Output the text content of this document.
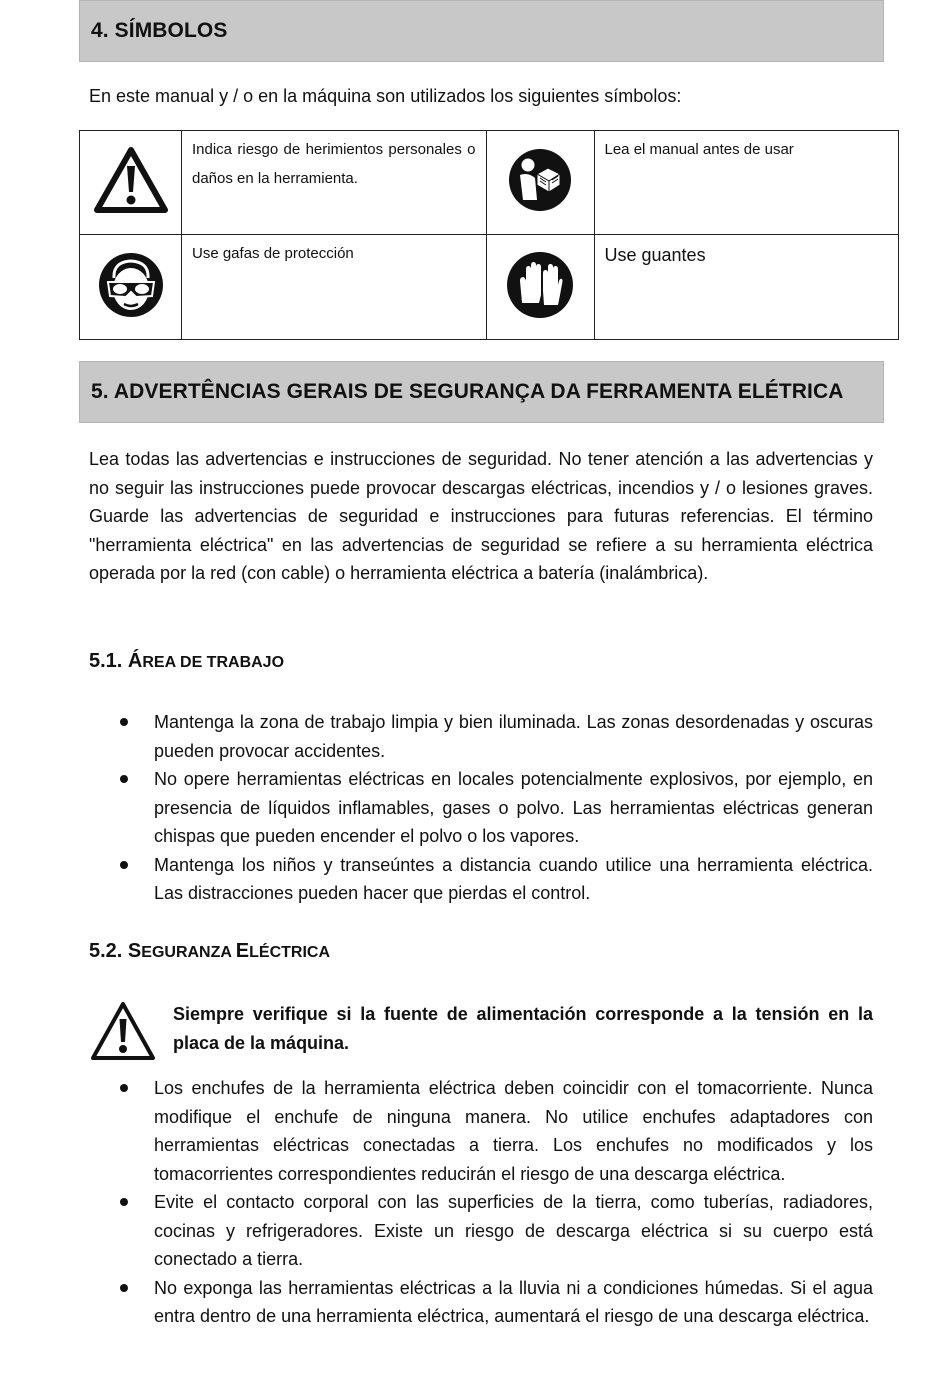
4. SÍMBOLOS
En este manual y / o en la máquina son utilizados los siguientes símbolos:
	Indica riesgo de herimientos personales o daños en la herramienta.		Lea el manual antes de usar
	Use gafas de protección		Use guantes
5. ADVERTÊNCIAS GERAIS DE SEGURANÇA DA FERRAMENTA ELÉTRICA

Lea todas las advertencias e instrucciones de seguridad. No tener atención a las advertencias y no seguir las instrucciones puede provocar descargas eléctricas, incendios y / o lesiones graves. Guarde las advertencias de seguridad e instrucciones para futuras referencias. El término "herramienta eléctrica" en las advertencias de seguridad se refiere a su herramienta eléctrica operada por la red (con cable) o herramienta eléctrica a batería (inalámbrica).

5.1. ÁREA DE TRABAJO
Mantenga la zona de trabajo limpia y bien iluminada. Las zonas desordenadas y oscuras pueden provocar accidentes.
No opere herramientas eléctricas en locales potencialmente explosivos, por ejemplo, en presencia de líquidos inflamables, gases o polvo. Las herramientas eléctricas generan chispas que pueden encender el polvo o los vapores.
Mantenga los niños y transeúntes a distancia cuando utilice una herramienta eléctrica. Las distracciones pueden hacer que pierdas el control.
5.2. SEGURANZA ELÉCTRICA

Siempre verifique si la fuente de alimentación corresponde a la tensión en la placa de la máquina.

Los enchufes de la herramienta eléctrica deben coincidir con el tomacorriente. Nunca modifique el enchufe de ninguna manera. No utilice enchufes adaptadores con herramientas eléctricas conectadas a tierra. Los enchufes no modificados y los tomacorrientes correspondientes reducirán el riesgo de una descarga eléctrica.
Evite el contacto corporal con las superficies de la tierra, como tuberías, radiadores, cocinas y refrigeradores. Existe un riesgo de descarga eléctrica si su cuerpo está conectado a tierra.
No exponga las herramientas eléctricas a la lluvia ni a condiciones húmedas. Si el agua entra dentro de una herramienta eléctrica, aumentará el riesgo de una descarga eléctrica.
